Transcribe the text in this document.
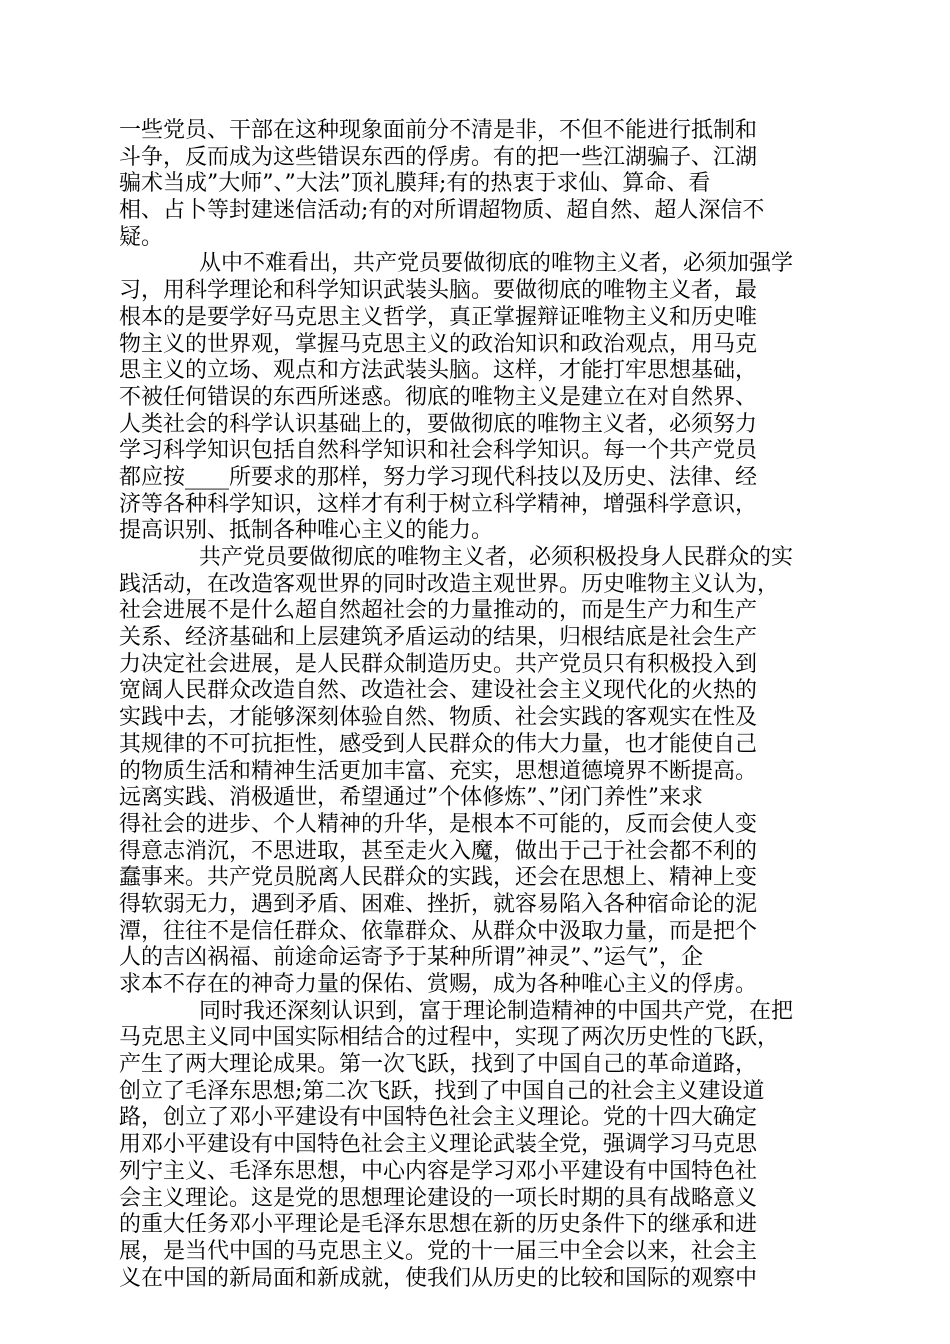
一些党员、干部在这种现象面前分不清是非，不但不能进行抵制和
斗争，反而成为这些错误东西的俘虏。有的把一些江湖骗子、江湖
骗术当成”大师”、”大法”顶礼膜拜;有的热衷于求仙、算命、看
相、占卜等封建迷信活动;有的对所谓超物质、超自然、超人深信不
疑。
从中不难看出，共产党员要做彻底的唯物主义者，必须加强学
习，用科学理论和科学知识武装头脑。要做彻底的唯物主义者，最
根本的是要学好马克思主义哲学，真正掌握辩证唯物主义和历史唯
物主义的世界观，掌握马克思主义的政治知识和政治观点，用马克
思主义的立场、观点和方法武装头脑。这样，才能打牢思想基础，
不被任何错误的东西所迷惑。彻底的唯物主义是建立在对自然界、
人类社会的科学认识基础上的，要做彻底的唯物主义者，必须努力
学习科学知识包括自然科学知识和社会科学知识。每一个共产党员
都应按____所要求的那样，努力学习现代科技以及历史、法律、经
济等各种科学知识，这样才有利于树立科学精神，增强科学意识，
提高识别、抵制各种唯心主义的能力。
共产党员要做彻底的唯物主义者，必须积极投身人民群众的实
践活动，在改造客观世界的同时改造主观世界。历史唯物主义认为，
社会进展不是什么超自然超社会的力量推动的，而是生产力和生产
关系、经济基础和上层建筑矛盾运动的结果，归根结底是社会生产
力决定社会进展，是人民群众制造历史。共产党员只有积极投入到
宽阔人民群众改造自然、改造社会、建设社会主义现代化的火热的
实践中去，才能够深刻体验自然、物质、社会实践的客观实在性及
其规律的不可抗拒性，感受到人民群众的伟大力量，也才能使自己
的物质生活和精神生活更加丰富、充实，思想道德境界不断提高。
远离实践、消极遁世，希望通过”个体修炼”、”闭门养性”来求
得社会的进步、个人精神的升华，是根本不可能的，反而会使人变
得意志消沉，不思进取，甚至走火入魔，做出于己于社会都不利的
蠢事来。共产党员脱离人民群众的实践，还会在思想上、精神上变
得软弱无力，遇到矛盾、困难、挫折，就容易陷入各种宿命论的泥
潭，往往不是信任群众、依靠群众、从群众中汲取力量，而是把个
人的吉凶祸福、前途命运寄予于某种所谓”神灵”、”运气”，企
求本不存在的神奇力量的保佑、赏赐，成为各种唯心主义的俘虏。
同时我还深刻认识到，富于理论制造精神的中国共产党，在把
马克思主义同中国实际相结合的过程中，实现了两次历史性的飞跃，
产生了两大理论成果。第一次飞跃，找到了中国自己的革命道路，
创立了毛泽东思想;第二次飞跃，找到了中国自己的社会主义建设道
路，创立了邓小平建设有中国特色社会主义理论。党的十四大确定
用邓小平建设有中国特色社会主义理论武装全党，强调学习马克思
列宁主义、毛泽东思想，中心内容是学习邓小平建设有中国特色社
会主义理论。这是党的思想理论建设的一项长时期的具有战略意义
的重大任务邓小平理论是毛泽东思想在新的历史条件下的继承和进
展，是当代中国的马克思主义。党的十一届三中全会以来，社会主
义在中国的新局面和新成就，使我们从历史的比较和国际的观察中
